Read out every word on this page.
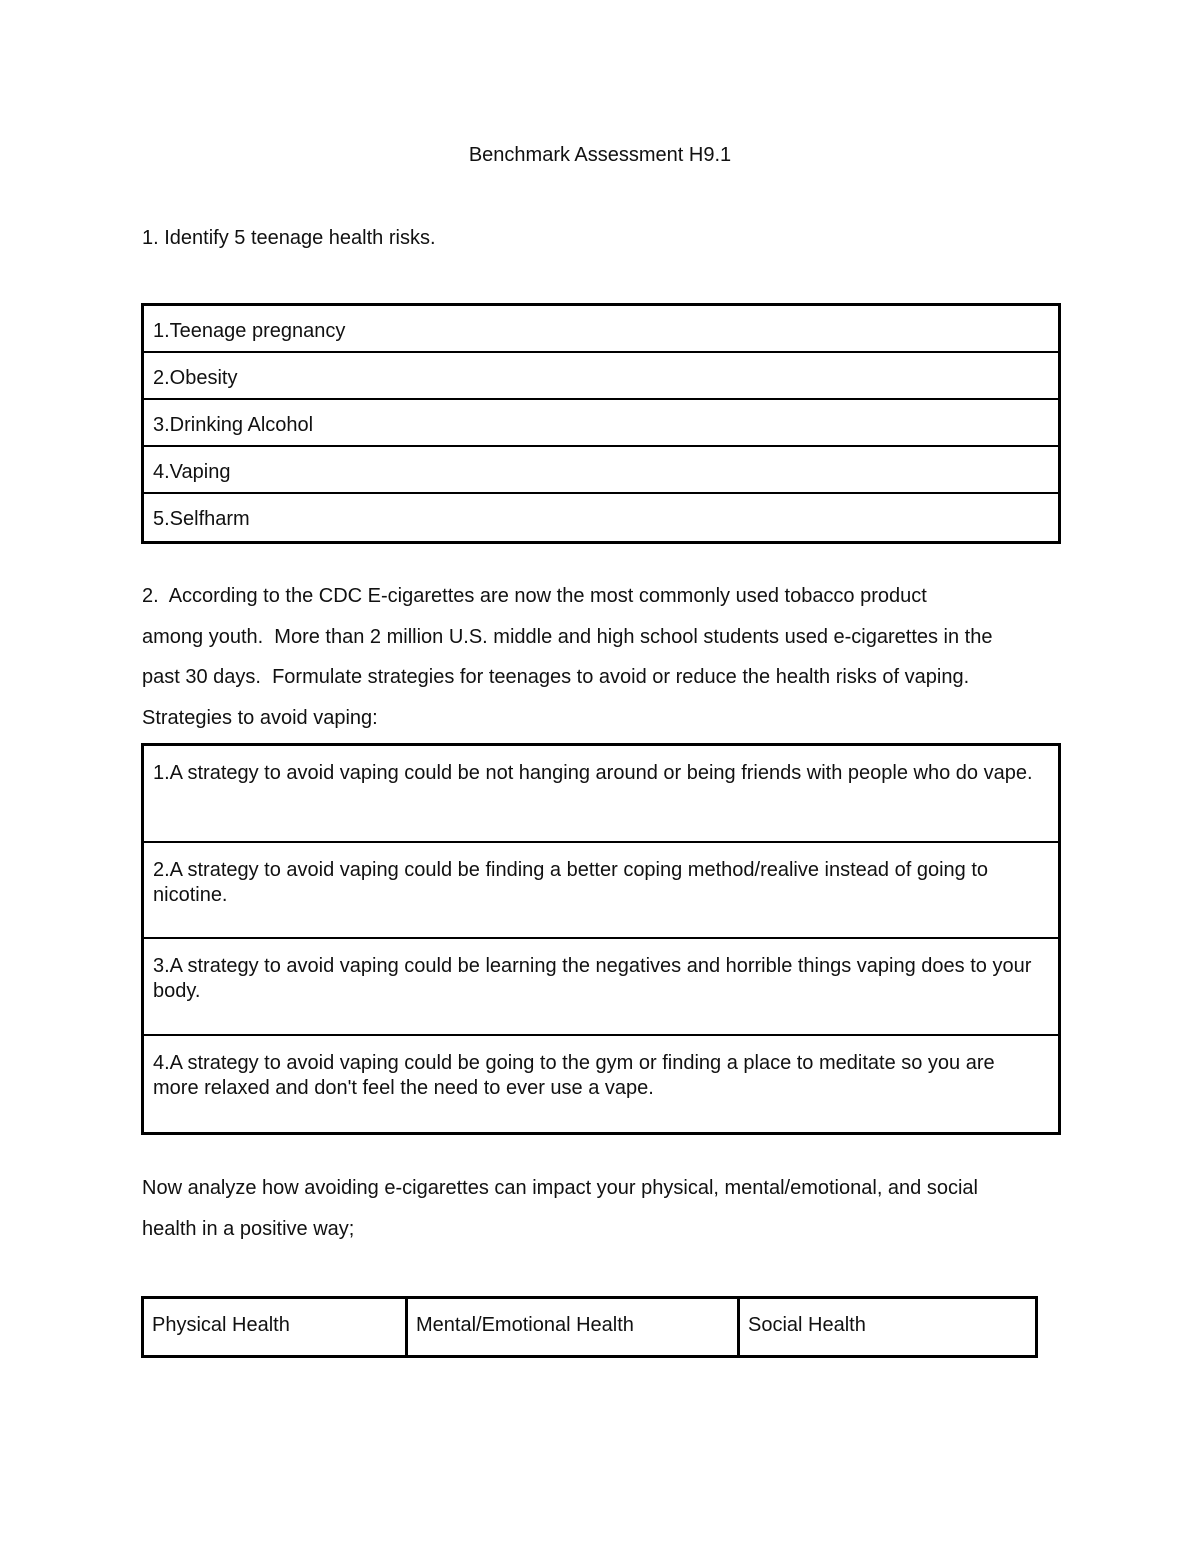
Benchmark Assessment H9.1
1. Identify 5 teenage health risks.
1.Teenage pregnancy
2.Obesity
3.Drinking Alcohol
4.Vaping
5.Selfharm
2.  According to the CDC E-cigarettes are now the most commonly used tobacco product
among youth.  More than 2 million U.S. middle and high school students used e-cigarettes in the
past 30 days.  Formulate strategies for teenages to avoid or reduce the health risks of vaping.
Strategies to avoid vaping:
1.A strategy to avoid vaping could be not hanging around or being friends with people who do vape.
2.A strategy to avoid vaping could be finding a better coping method/realive instead of going to nicotine.
3.A strategy to avoid vaping could be learning the negatives and horrible things vaping does to your body.
4.A strategy to avoid vaping could be going to the gym or finding a place to meditate so you are more relaxed and don't feel the need to ever use a vape.
Now analyze how avoiding e-cigarettes can impact your physical, mental/emotional, and social
health in a positive way;
Physical Health	Mental/Emotional Health	Social Health
